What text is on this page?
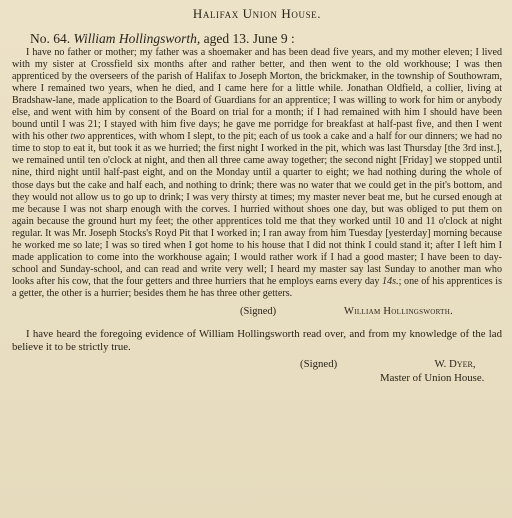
Halifax Union House.
No. 64. William Hollingsworth, aged 13. June 9 :

I have no father or mother; my father was a shoemaker and has been dead five years, and my mother eleven; I lived with my sister at Crossfield six months after and rather better, and then went to the old workhouse; I was then apprenticed by the overseers of the parish of Halifax to Joseph Morton, the brickmaker, in the township of Southowram, where I remained two years, when he died, and I came here for a little while. Jonathan Oldfield, a collier, living at Bradshaw-lane, made application to the Board of Guardians for an apprentice; I was willing to work for him or anybody else, and went with him by consent of the Board on trial for a month; if I had remained with him I should have been bound until I was 21; I stayed with him five days; he gave me porridge for breakfast at half-past five, and then I went with his other two apprentices, with whom I slept, to the pit; each of us took a cake and a half for our dinners; we had no time to stop to eat it, but took it as we hurried; the first night I worked in the pit, which was last Thursday [the 3rd inst.], we remained until ten o'clock at night, and then all three came away together; the second night [Friday] we stopped until nine, third night until half-past eight, and on the Monday until a quarter to eight; we had nothing during the whole of those days but the cake and half each, and nothing to drink; there was no water that we could get in the pit's bottom, and they would not allow us to go up to drink; I was very thirsty at times; my master never beat me, but he cursed enough at me because I was not sharp enough with the corves. I hurried without shoes one day, but was obliged to put them on again because the ground hurt my feet; the other apprentices told me that they worked until 10 and 11 o'clock at night regular. It was Mr. Joseph Stocks's Royd Pit that I worked in; I ran away from him Tuesday [yesterday] morning because he worked me so late; I was so tired when I got home to his house that I did not think I could stand it; after I left him I made application to come into the workhouse again; I would rather work if I had a good master; I have been to day-school and Sunday-school, and can read and write very well; I heard my master say last Sunday to another man who looks after his cow, that the four getters and three hurriers that he employs earns every day 14s.; one of his apprentices is a getter, the other is a hurrier; besides them he has three other getters.

(Signed)	William Hollingsworth.

I have heard the foregoing evidence of William Hollingsworth read over, and from my knowledge of the lad believe it to be strictly true.

(Signed)	W. Dyer,
Master of Union House.
